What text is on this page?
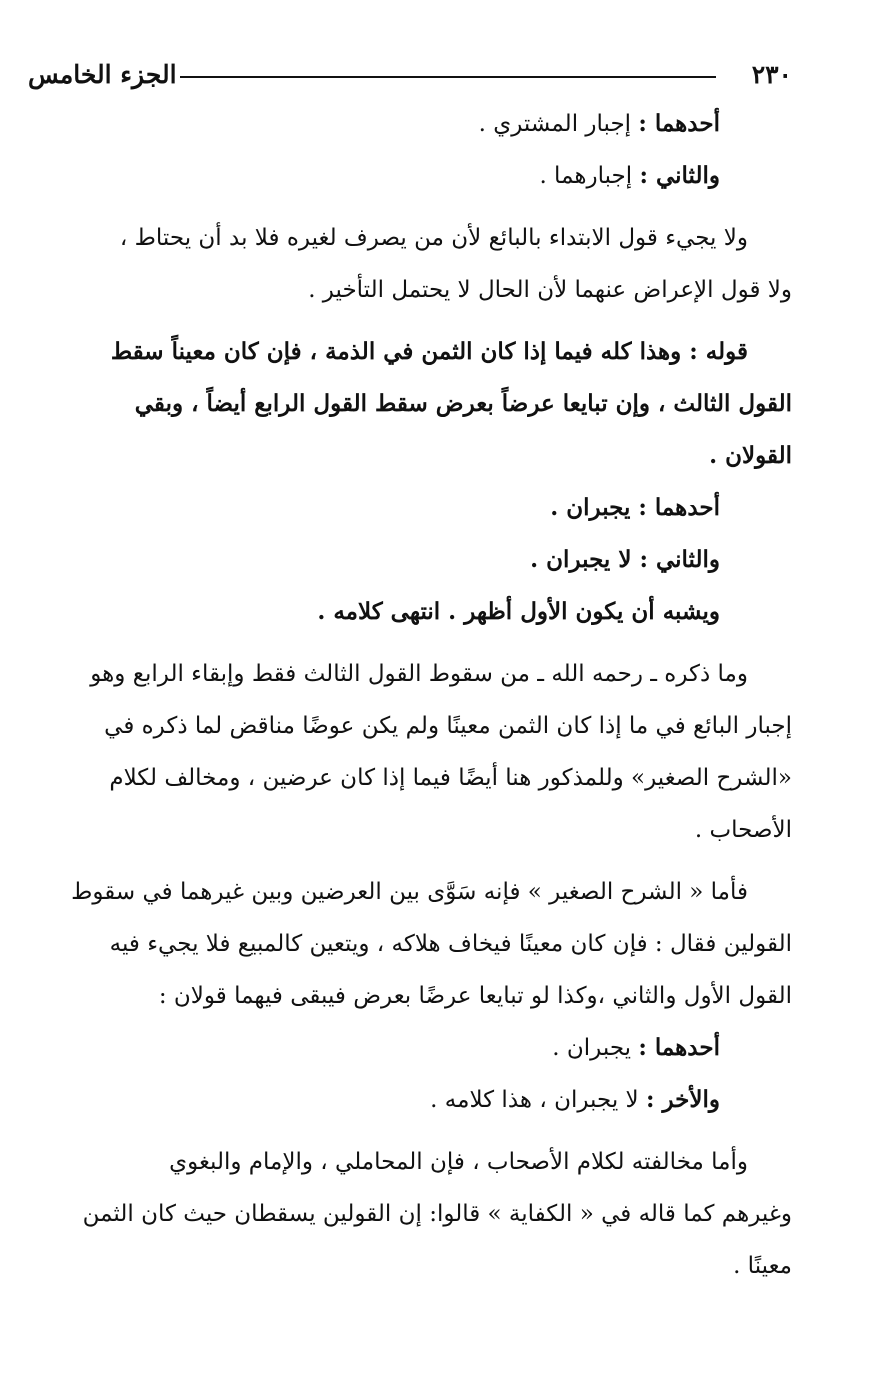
٢٣٠
الجزء الخامس
أحدهما : إجبار المشتري .
والثاني : إجبارهما .
ولا يجيء قول الابتداء بالبائع لأن من يصرف لغيره فلا بد أن يحتاط ،
ولا قول الإعراض عنهما لأن الحال لا يحتمل التأخير .
قوله : وهذا كله فيما إذا كان الثمن في الذمة ، فإن كان معيناً سقط
القول الثالث ، وإن تبايعا عرضاً بعرض سقط القول الرابع أيضاً ، وبقي
القولان .
أحدهما : يجبران .
والثاني : لا يجبران .
ويشبه أن يكون الأول أظهر . انتهى كلامه .
وما ذكره ـ رحمه الله ـ من سقوط القول الثالث فقط وإبقاء الرابع وهو
إجبار البائع في ما إذا كان الثمن معينًا ولم يكن عوضًا مناقض لما ذكره في
«الشرح الصغير» وللمذكور هنا أيضًا فيما إذا كان عرضين ، ومخالف لكلام
الأصحاب .
فأما « الشرح الصغير » فإنه سَوَّى بين العرضين وبين غيرهما في سقوط
القولين فقال : فإن كان معينًا فيخاف هلاكه ، ويتعين كالمبيع فلا يجيء فيه
القول الأول والثاني ،وكذا لو تبايعا عرضًا بعرض فيبقى فيهما قولان :
أحدهما : يجبران .
والأخر : لا يجبران ، هذا كلامه .
وأما مخالفته لكلام الأصحاب ، فإن المحاملي ، والإمام والبغوي
وغيرهم كما قاله في « الكفاية » قالوا: إن القولين يسقطان حيث كان الثمن
معينًا .
